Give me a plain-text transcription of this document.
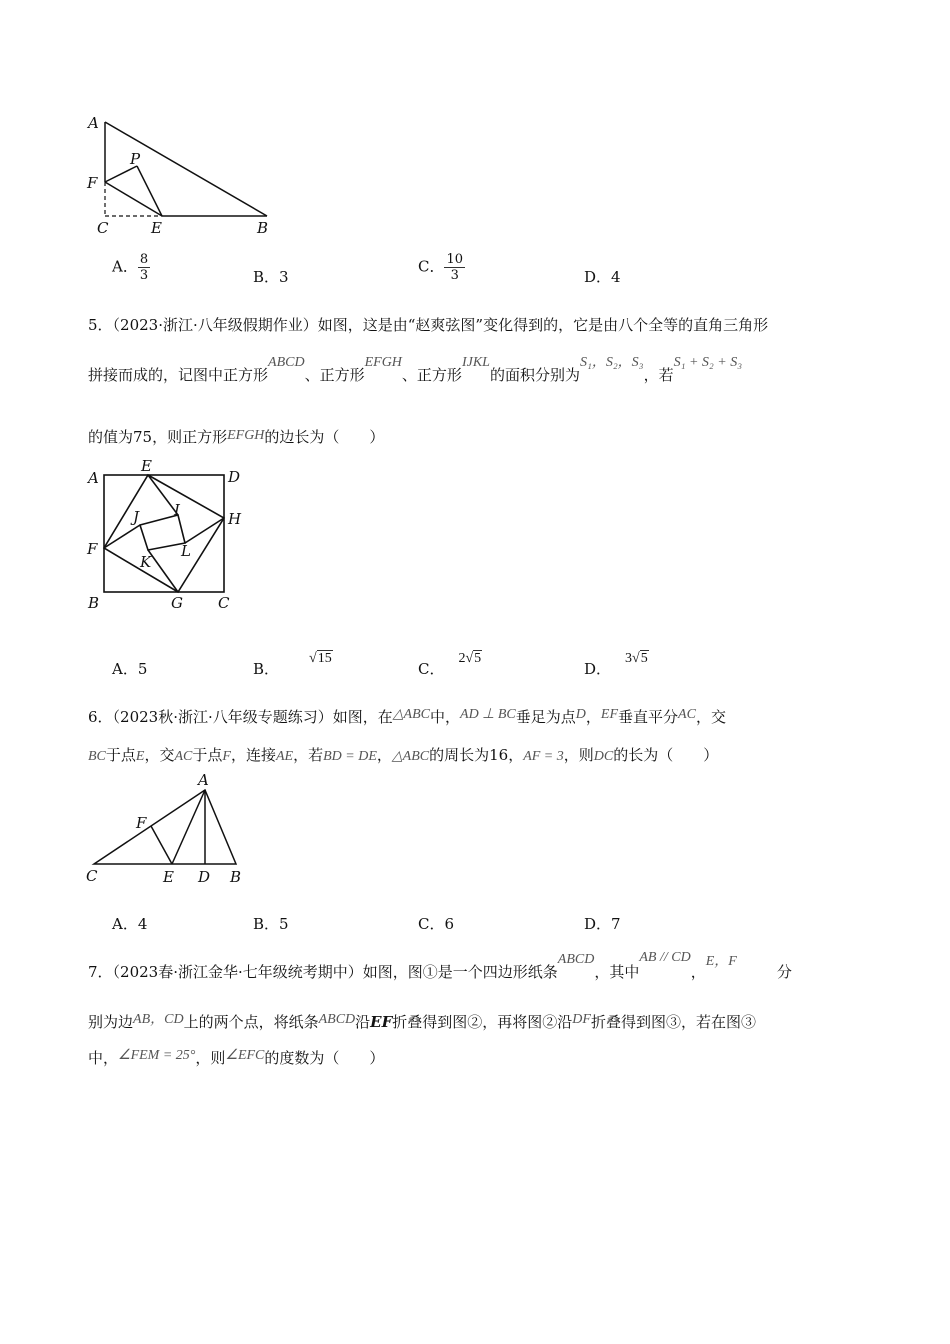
A
P
F
C	E	B
A． $\frac{8}{3}$	B．3
C． $\frac{10}{3}$	D．4
5．（2023·浙江·八年级假期作业）如图，这是由“赵爽弦图”变化得到的，它是由八个全等的直角三角形
拼接而成的，记图中正方形ABCD、正方形EFGH、正方形IJKL的面积分别为S₁，S₂，S₃，若S₁ + S₂ + S₃
的值为75，则正方形EFGH的边长为（　　）
A
E
D
J I	H
F
K
L
B	G C
A．5	B．√15
C．2√5
D．3√5
6．（2023秋·浙江·八年级专题练习）如图，在△ABC中，AD ⊥ BC垂足为点D，EF垂直平分AC，交
BC于点E，交AC于点F，连接AE，若BD = DE，△ABC的周长为16，AF = 3，则DC的长为（　　）
A
F
C	E D B
A．4	B．5	C．6	D．7
7．（2023春·浙江金华·七年级统考期中）如图，图①是一个四边形纸条ABCD，其中AB // CD，E，F分
别为边AB，CD上的两个点，将纸条ABCD沿EF折叠得到图②，再将图②沿DF折叠得到图③，若在图③
中，∠FEM = 25°，则∠EFC的度数为（　　）
